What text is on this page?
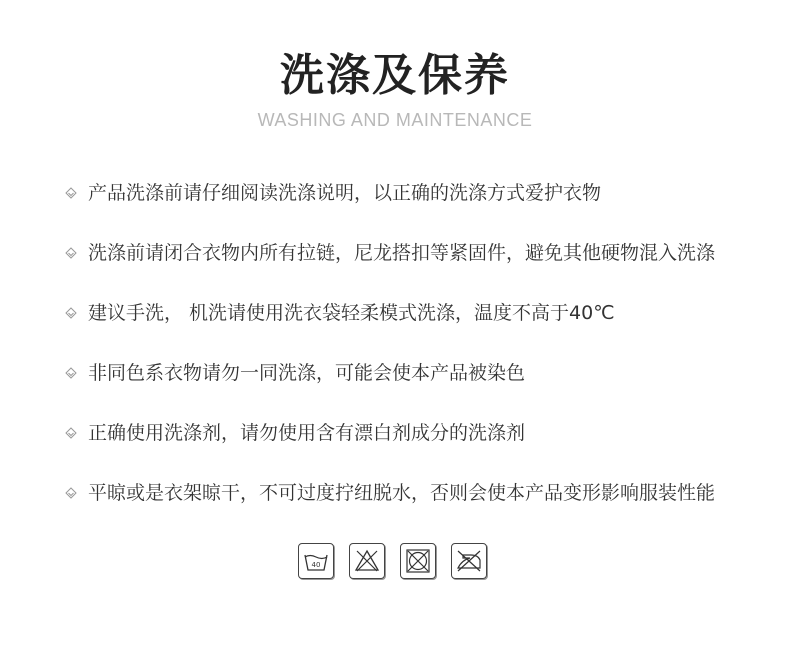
洗涤及保养
WASHING AND MAINTENANCE
产品洗涤前请仔细阅读洗涤说明，以正确的洗涤方式爱护衣物
洗涤前请闭合衣物内所有拉链，尼龙搭扣等紧固件，避免其他硬物混入洗涤
建议手洗， 机洗请使用洗衣袋轻柔模式洗涤，温度不高于40℃
非同色系衣物请勿一同洗涤，可能会使本产品被染色
正确使用洗涤剂，请勿使用含有漂白剂成分的洗涤剂
平晾或是衣架晾干，不可过度拧纽脱水，否则会使本产品变形影响服装性能
40
